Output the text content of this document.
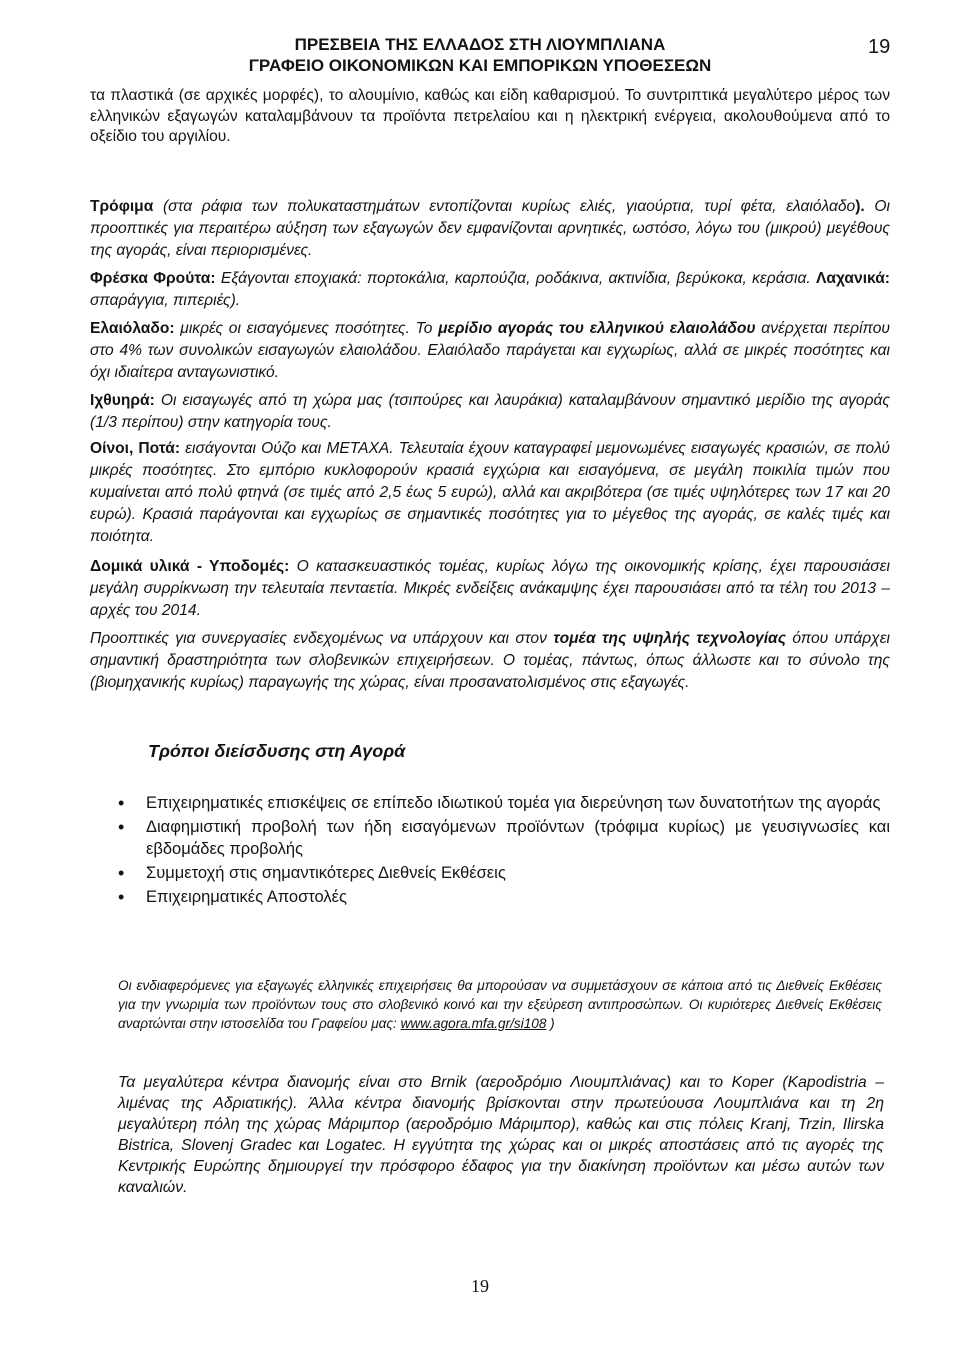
ΠΡΕΣΒΕΙΑ ΤΗΣ ΕΛΛΑΔΟΣ ΣΤΗ ΛΙΟΥΜΠΛΙΑΝΑ
ΓΡΑΦΕΙΟ ΟΙΚΟΝΟΜΙΚΩΝ ΚΑΙ ΕΜΠΟΡΙΚΩΝ ΥΠΟΘΕΣΕΩΝ
19

τα πλαστικά (σε αρχικές μορφές), το αλουμίνιο, καθώς και είδη καθαρισμού. Το συντριπτικά μεγαλύτερο μέρος των ελληνικών εξαγωγών καταλαμβάνουν τα προϊόντα πετρελαίου και η ηλεκτρική ενέργεια, ακολουθούμενα από το οξείδιο του αργιλίου.

Τρόφιμα (στα ράφια των πολυκαταστημάτων εντοπίζονται κυρίως ελιές, γιαούρτια, τυρί φέτα, ελαιόλαδο). Οι προοπτικές για περαιτέρω αύξηση των εξαγωγών δεν εμφανίζονται αρνητικές, ωστόσο, λόγω του (μικρού) μεγέθους της αγοράς, είναι περιορισμένες.

Φρέσκα Φρούτα: Εξάγονται εποχιακά: πορτοκάλια, καρπούζια, ροδάκινα, ακτινίδια, βερύκοκα, κεράσια. Λαχανικά: σπαράγγια, πιπεριές).

Ελαιόλαδο: μικρές οι εισαγόμενες ποσότητες. Το μερίδιο αγοράς του ελληνικού ελαιολάδου ανέρχεται περίπου στο 4% των συνολικών εισαγωγών ελαιολάδου. Ελαιόλαδο παράγεται και εγχωρίως, αλλά σε μικρές ποσότητες και όχι ιδιαίτερα ανταγωνιστικό.

Ιχθυηρά: Οι εισαγωγές από τη χώρα μας (τσιπούρες και λαυράκια) καταλαμβάνουν σημαντικό μερίδιο της αγοράς (1/3 περίπου) στην κατηγορία τους.

Οίνοι, Ποτά: εισάγονται Ούζο και ΜΕΤΑΧΑ. Τελευταία έχουν καταγραφεί μεμονωμένες εισαγωγές κρασιών, σε πολύ μικρές ποσότητες. Στο εμπόριο κυκλοφορούν κρασιά εγχώρια και εισαγόμενα, σε μεγάλη ποικιλία τιμών που κυμαίνεται από πολύ φτηνά (σε τιμές από 2,5 έως 5 ευρώ), αλλά και ακριβότερα (σε τιμές υψηλότερες των 17 και 20 ευρώ). Κρασιά παράγονται και εγχωρίως σε σημαντικές ποσότητες για το μέγεθος της αγοράς, σε καλές τιμές και ποιότητα.

Δομικά υλικά - Υποδομές: Ο κατασκευαστικός τομέας, κυρίως λόγω της οικονομικής κρίσης, έχει παρουσιάσει μεγάλη συρρίκνωση την τελευταία πενταετία. Μικρές ενδείξεις ανάκαμψης έχει παρουσιάσει από τα τέλη του 2013 – αρχές του 2014.

Προοπτικές για συνεργασίες ενδεχομένως να υπάρχουν και στον τομέα της υψηλής τεχνολογίας όπου υπάρχει σημαντική δραστηριότητα των σλοβενικών επιχειρήσεων. Ο τομέας, πάντως, όπως άλλωστε και το σύνολο της (βιομηχανικής κυρίως) παραγωγής της χώρας, είναι προσανατολισμένος στις εξαγωγές.

Τρόποι διείσδυσης στη Αγορά
• Επιχειρηματικές επισκέψεις σε επίπεδο ιδιωτικού τομέα για διερεύνηση των δυνατοτήτων της αγοράς
• Διαφημιστική προβολή των ήδη εισαγόμενων προϊόντων (τρόφιμα κυρίως) με γευσιγνωσίες και εβδομάδες προβολής
• Συμμετοχή στις σημαντικότερες Διεθνείς Εκθέσεις
• Επιχειρηματικές Αποστολές

Οι ενδιαφερόμενες για εξαγωγές ελληνικές επιχειρήσεις θα μπορούσαν να συμμετάσχουν σε κάποια από τις Διεθνείς Εκθέσεις για την γνωριμία των προϊόντων τους στο σλοβενικό κοινό και την εξεύρεση αντιπροσώπων. Οι κυριότερες Διεθνείς Εκθέσεις αναρτώνται στην ιστοσελίδα του Γραφείου μας: www.agora.mfa.gr/si108 )

Τα μεγαλύτερα κέντρα διανομής είναι στο Brnik (αεροδρόμιο Λιουμπλιάνας) και το Koper (Kapodistria – λιμένας της Αδριατικής). Άλλα κέντρα διανομής βρίσκονται στην πρωτεύουσα Λουμπλιάνα και τη 2η μεγαλύτερη πόλη της χώρας Μάριμπορ (αεροδρόμιο Μάριμπορ), καθώς και στις πόλεις Kranj, Trzin, Ilirska Bistrica, Slovenj Gradec και Logatec. Η εγγύτητα της χώρας και οι μικρές αποστάσεις από τις αγορές της Κεντρικής Ευρώπης δημιουργεί την πρόσφορο έδαφος για την διακίνηση προϊόντων και μέσω αυτών των καναλιών.

19
